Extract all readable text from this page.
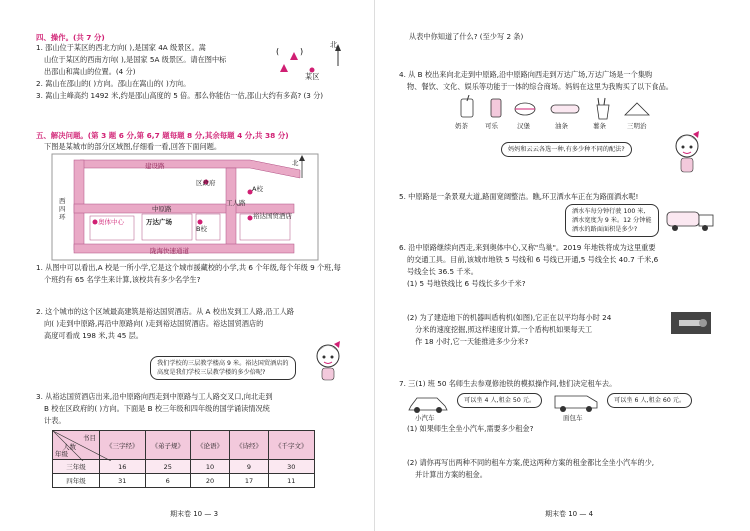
四、操作。(共 7 分)
1. 邵山位于某区的西北方向( ),是国家 4A 级景区。嵩
山位于某区的西南方向( ),是国家 5A 级景区。请在图中标
出邵山和嵩山的位置。(4 分)
(	)
北
某区
2. 嵩山在邵山的( )方向。邵山在嵩山的( )方向。
3. 嵩山主峰高约 1492 米,约是邵山高度的 5 倍。那么你能估一估,邵山大约有多高? (3 分)
五、解决问题。(第 3 题 6 分,第 6,7 题每题 8 分,其余每题 4 分,共 38 分)
下图是某城市的部分区域图,仔细看一看,回答下面问题。
北
建设路
区政府
中原路
工人路
西
四
环
奥体中心	万达广场
B校
A校
裕达国贸酒店
陇海快速通道
1. 从图中可以看出,A 校是一所小学,它是这个城市援藏校的小学,共 6 个年级,每个年级 9 个班,每
个班约有 65 名学生来计算,该校共有多少名学生?
2. 这个城市的这个区域最高建筑是裕达国贸酒店。从 A 校出发到工人路,沿工人路
向( )走到中原路,再沿中原路向( )走到裕达国贸酒店。裕达国贸酒店的
高度可看成 198 米,共 45 层。
我们学校的三层教学楼高 9 米。裕达国贸酒店的
高度是我们学校三层教学楼的多少倍呢?
3. 从裕达国贸酒店出来,沿中原路向西走到中原路与工人路交叉口,向北走到
B 校在区政府的( )方向。下面是 B 校三年级和四年级的国学诵读情况统
计表。
书目
人数
年级	《三字经》	《弟子规》	《论语》	《诗经》	《千字文》
三年级	16	25	10	9	30
四年级	31	6	20	17	11
期末卷 10 — 3
从表中你知道了什么? (至少写 2 条)
4. 从 B 校出来向北走到中原路,沿中原路向西走到万达广场,万达广场是一个集购
物、餐饮、文化、娱乐等功能于一体的综合商场。妈妈在这里为我购买了以下食品。
奶茶	可乐	汉堡	油条	薯条	三明治
妈妈和云云各选一种,有多少种不同的配法?
5. 中原路是一条景观大道,路面宽阔整洁。瞧,环卫洒水车正在为路面洒水呢!
洒水车每分钟行驶 100 米,
洒水宽度为 9 米。12 分钟能
洒水的路面面积是多少?
6. 沿中原路继续向西走,来到奥体中心,又称"鸟巢"。2019 年地铁将成为这里重要
的交通工具。目前,该城市地铁 5 号线和 6 号线已开通,5 号线全长 40.7 千米,6
号线全长 36.5 千米。
(1) 5 号地铁线比 6 号线长多少千米?
(2) 为了建造地下的机器叫盾构机(如图),它正在以平均每小时 24
分米的速度挖掘,照这样速度计算,一个盾构机如果每天工
作 18 小时,它一天能推进多少分米?
7. 三(1) 班 50 名师生去参观修池铁的模拟操作间,他们决定租车去。
小汽车
可以坐 4 人,租金 50 元。
面包车
可以坐 6 人,租金 60 元。
(1) 如果师生全坐小汽车,需要多少租金?
(2) 请你再写出两种不同的租车方案,使这两种方案的租金都比全坐小汽车的少,
并计算出方案的租金。
期末卷 10 — 4
